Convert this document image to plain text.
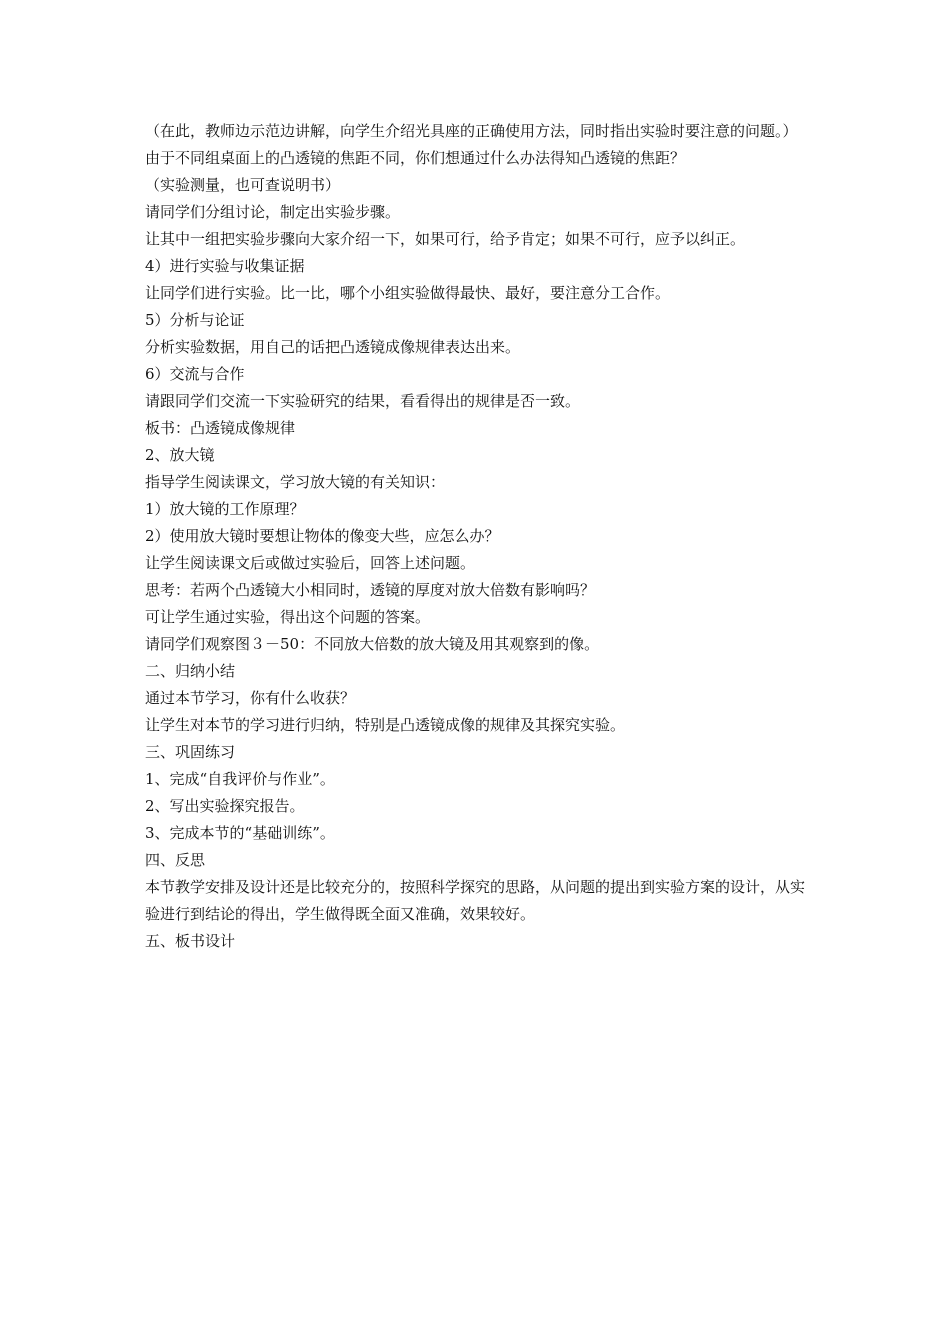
（在此，教师边示范边讲解，向学生介绍光具座的正确使用方法，同时指出实验时要注意的问题。）
由于不同组桌面上的凸透镜的焦距不同，你们想通过什么办法得知凸透镜的焦距？
（实验测量，也可查说明书）
请同学们分组讨论，制定出实验步骤。
让其中一组把实验步骤向大家介绍一下，如果可行，给予肯定；如果不可行，应予以纠正。
4）进行实验与收集证据
让同学们进行实验。比一比，哪个小组实验做得最快、最好，要注意分工合作。
5）分析与论证
分析实验数据，用自己的话把凸透镜成像规律表达出来。
6）交流与合作
请跟同学们交流一下实验研究的结果，看看得出的规律是否一致。
板书：凸透镜成像规律
2、放大镜
指导学生阅读课文，学习放大镜的有关知识：
1）放大镜的工作原理？
2）使用放大镜时要想让物体的像变大些，应怎么办？
让学生阅读课文后或做过实验后，回答上述问题。
思考：若两个凸透镜大小相同时，透镜的厚度对放大倍数有影响吗？
可让学生通过实验，得出这个问题的答案。
请同学们观察图３－50：不同放大倍数的放大镜及用其观察到的像。
二、归纳小结
通过本节学习，你有什么收获？
让学生对本节的学习进行归纳，特别是凸透镜成像的规律及其探究实验。
三、巩固练习
1、完成“自我评价与作业”。
2、写出实验探究报告。
3、完成本节的“基础训练”。
四、反思
本节教学安排及设计还是比较充分的，按照科学探究的思路，从问题的提出到实验方案的设计，从实验进行到结论的得出，学生做得既全面又准确，效果较好。
五、板书设计
